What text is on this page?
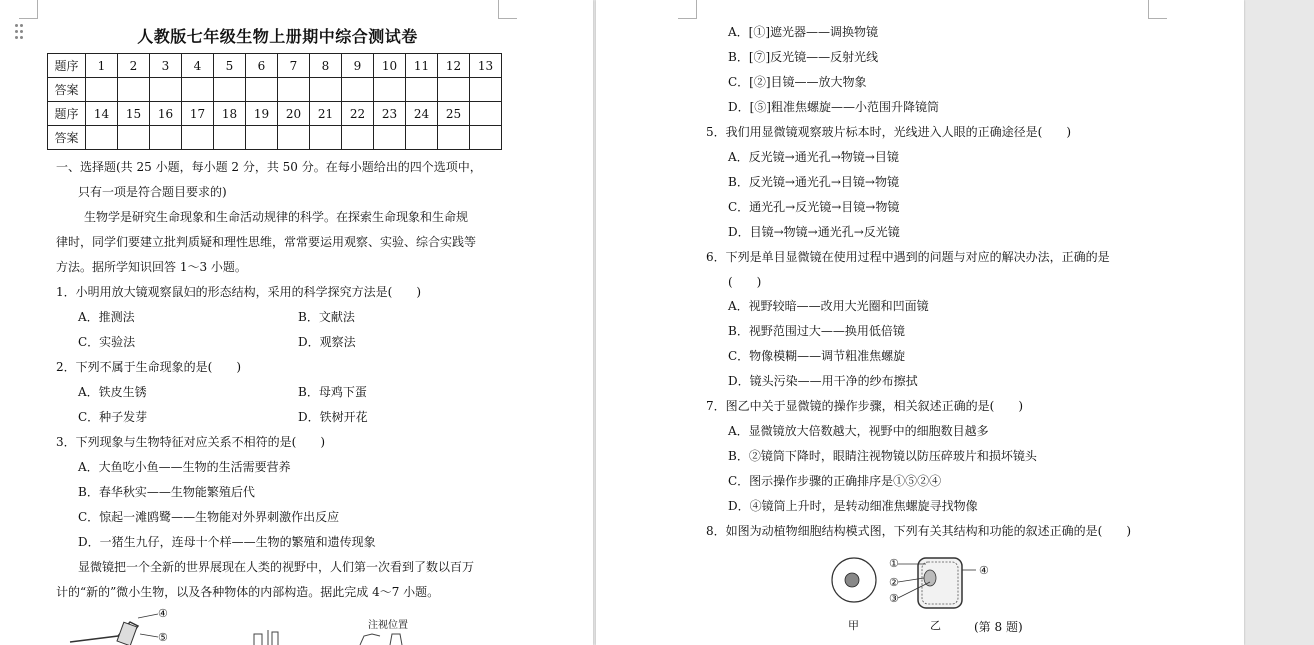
人教版七年级生物上册期中综合测试卷
题序	1	2	3	4	5	6	7	8	9	10	11	12	13
答案													
题序	14	15	16	17	18	19	20	21	22	23	24	25	
答案													
一、选择题(共 25 小题，每小题 2 分，共 50 分。在每小题给出的四个选项中，
只有一项是符合题目要求的)
生物学是研究生命现象和生命活动规律的科学。在探索生命现象和生命规
律时，同学们要建立批判质疑和理性思维，常常要运用观察、实验、综合实践等
方法。据所学知识回答 1～3 小题。
1．小明用放大镜观察鼠妇的形态结构，采用的科学探究方法是(　　)
A．推测法	B．文献法
C．实验法	D．观察法
2．下列不属于生命现象的是(　　)
A．铁皮生锈	B．母鸡下蛋
C．种子发芽	D．铁树开花
3．下列现象与生物特征对应关系不相符的是(　　)
A．大鱼吃小鱼——生物的生活需要营养
B．春华秋实——生物能繁殖后代
C．惊起一滩鸥鹭——生物能对外界刺激作出反应
D．一猪生九仔，连母十个样——生物的繁殖和遗传现象
显微镜把一个全新的世界展现在人类的视野中，人们第一次看到了数以百万
计的“新的”微小生物，以及各种物体的内部构造。据此完成 4～7 小题。
④
⑤
注视位置
A．[①]遮光器——调换物镜
B．[⑦]反光镜——反射光线
C．[②]目镜——放大物象
D．[⑤]粗准焦螺旋——小范围升降镜筒
5．我们用显微镜观察玻片标本时，光线进入人眼的正确途径是(　　)
A．反光镜→通光孔→物镜→目镜
B．反光镜→通光孔→目镜→物镜
C．通光孔→反光镜→目镜→物镜
D．目镜→物镜→通光孔→反光镜
6．下列是单目显微镜在使用过程中遇到的问题与对应的解决办法，正确的是
(　　)
A．视野较暗——改用大光圈和凹面镜
B．视野范围过大——换用低倍镜
C．物像模糊——调节粗准焦螺旋
D．镜头污染——用干净的纱布擦拭
7．图乙中关于显微镜的操作步骤，相关叙述正确的是(　　)
A．显微镜放大倍数越大，视野中的细胞数目越多
B．②镜筒下降时，眼睛注视物镜以防压碎玻片和损坏镜头
C．图示操作步骤的正确排序是①⑤②④
D．④镜筒上升时，是转动细准焦螺旋寻找物像
8．如图为动植物细胞结构模式图，下列有关其结构和功能的叙述正确的是(　　)
①
②
③
④
甲	乙	(第 8 题)
